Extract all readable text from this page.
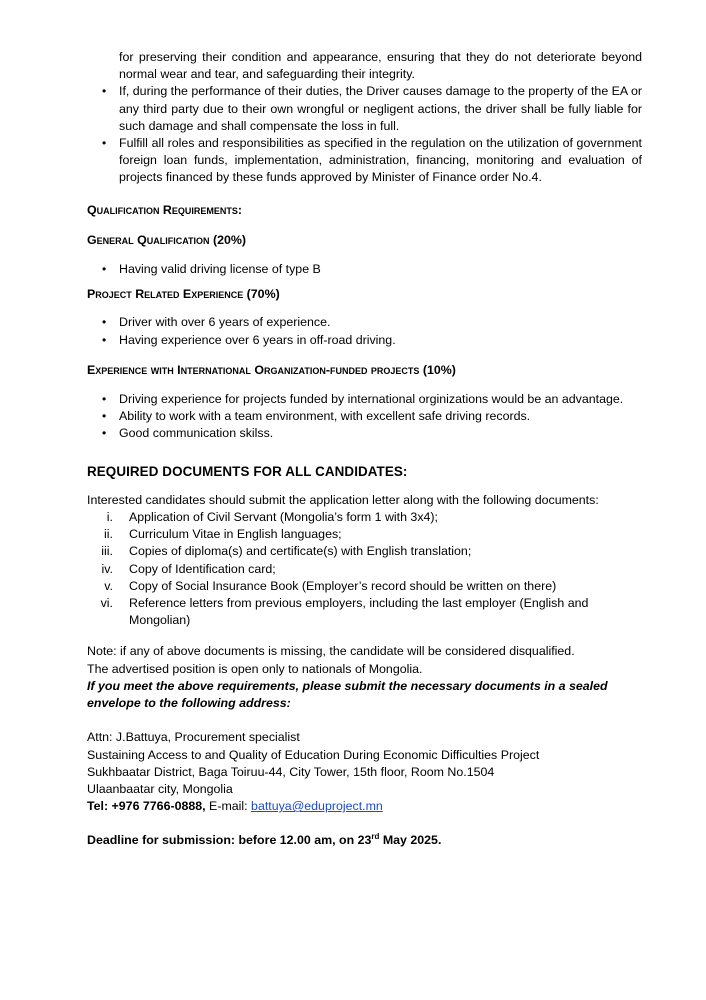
for preserving their condition and appearance, ensuring that they do not deteriorate beyond normal wear and tear, and safeguarding their integrity.
• If, during the performance of their duties, the Driver causes damage to the property of the EA or any third party due to their own wrongful or negligent actions, the driver shall be fully liable for such damage and shall compensate the loss in full.
• Fulfill all roles and responsibilities as specified in the regulation on the utilization of government foreign loan funds, implementation, administration, financing, monitoring and evaluation of projects financed by these funds approved by Minister of Finance order No.4.

Qualification Requirements:

General Qualification (20%)

• Having valid driving license of type B

Project Related Experience (70%)

• Driver with over 6 years of experience.
• Having experience over 6 years in off-road driving.

Experience with International Organization-funded projects (10%)

• Driving experience for projects funded by international orginizations would be an advantage.
• Ability to work with a team environment, with excellent safe driving records.
• Good communication skilss.

REQUIRED DOCUMENTS FOR ALL CANDIDATES:

Interested candidates should submit the application letter along with the following documents:

i. Application of Civil Servant (Mongolia’s form 1 with 3x4);
ii. Curriculum Vitae in English languages;
iii. Copies of diploma(s) and certificate(s) with English translation;
iv. Copy of Identification card;
v. Copy of Social Insurance Book (Employer’s record should be written on there)
vi. Reference letters from previous employers, including the last employer (English and Mongolian)

Note: if any of above documents is missing, the candidate will be considered disqualified.

The advertised position is open only to nationals of Mongolia.

If you meet the above requirements, please submit the necessary documents in a sealed envelope to the following address:

Attn: J.Battuya, Procurement specialist

Sustaining Access to and Quality of Education During Economic Difficulties Project

Sukhbaatar District, Baga Toiruu-44, City Tower, 15th floor, Room No.1504

Ulaanbaatar city, Mongolia

Tel: +976 7766-0888, E-mail: battuya@eduproject.mn

Deadline for submission: before 12.00 am, on 23rd May 2025.
